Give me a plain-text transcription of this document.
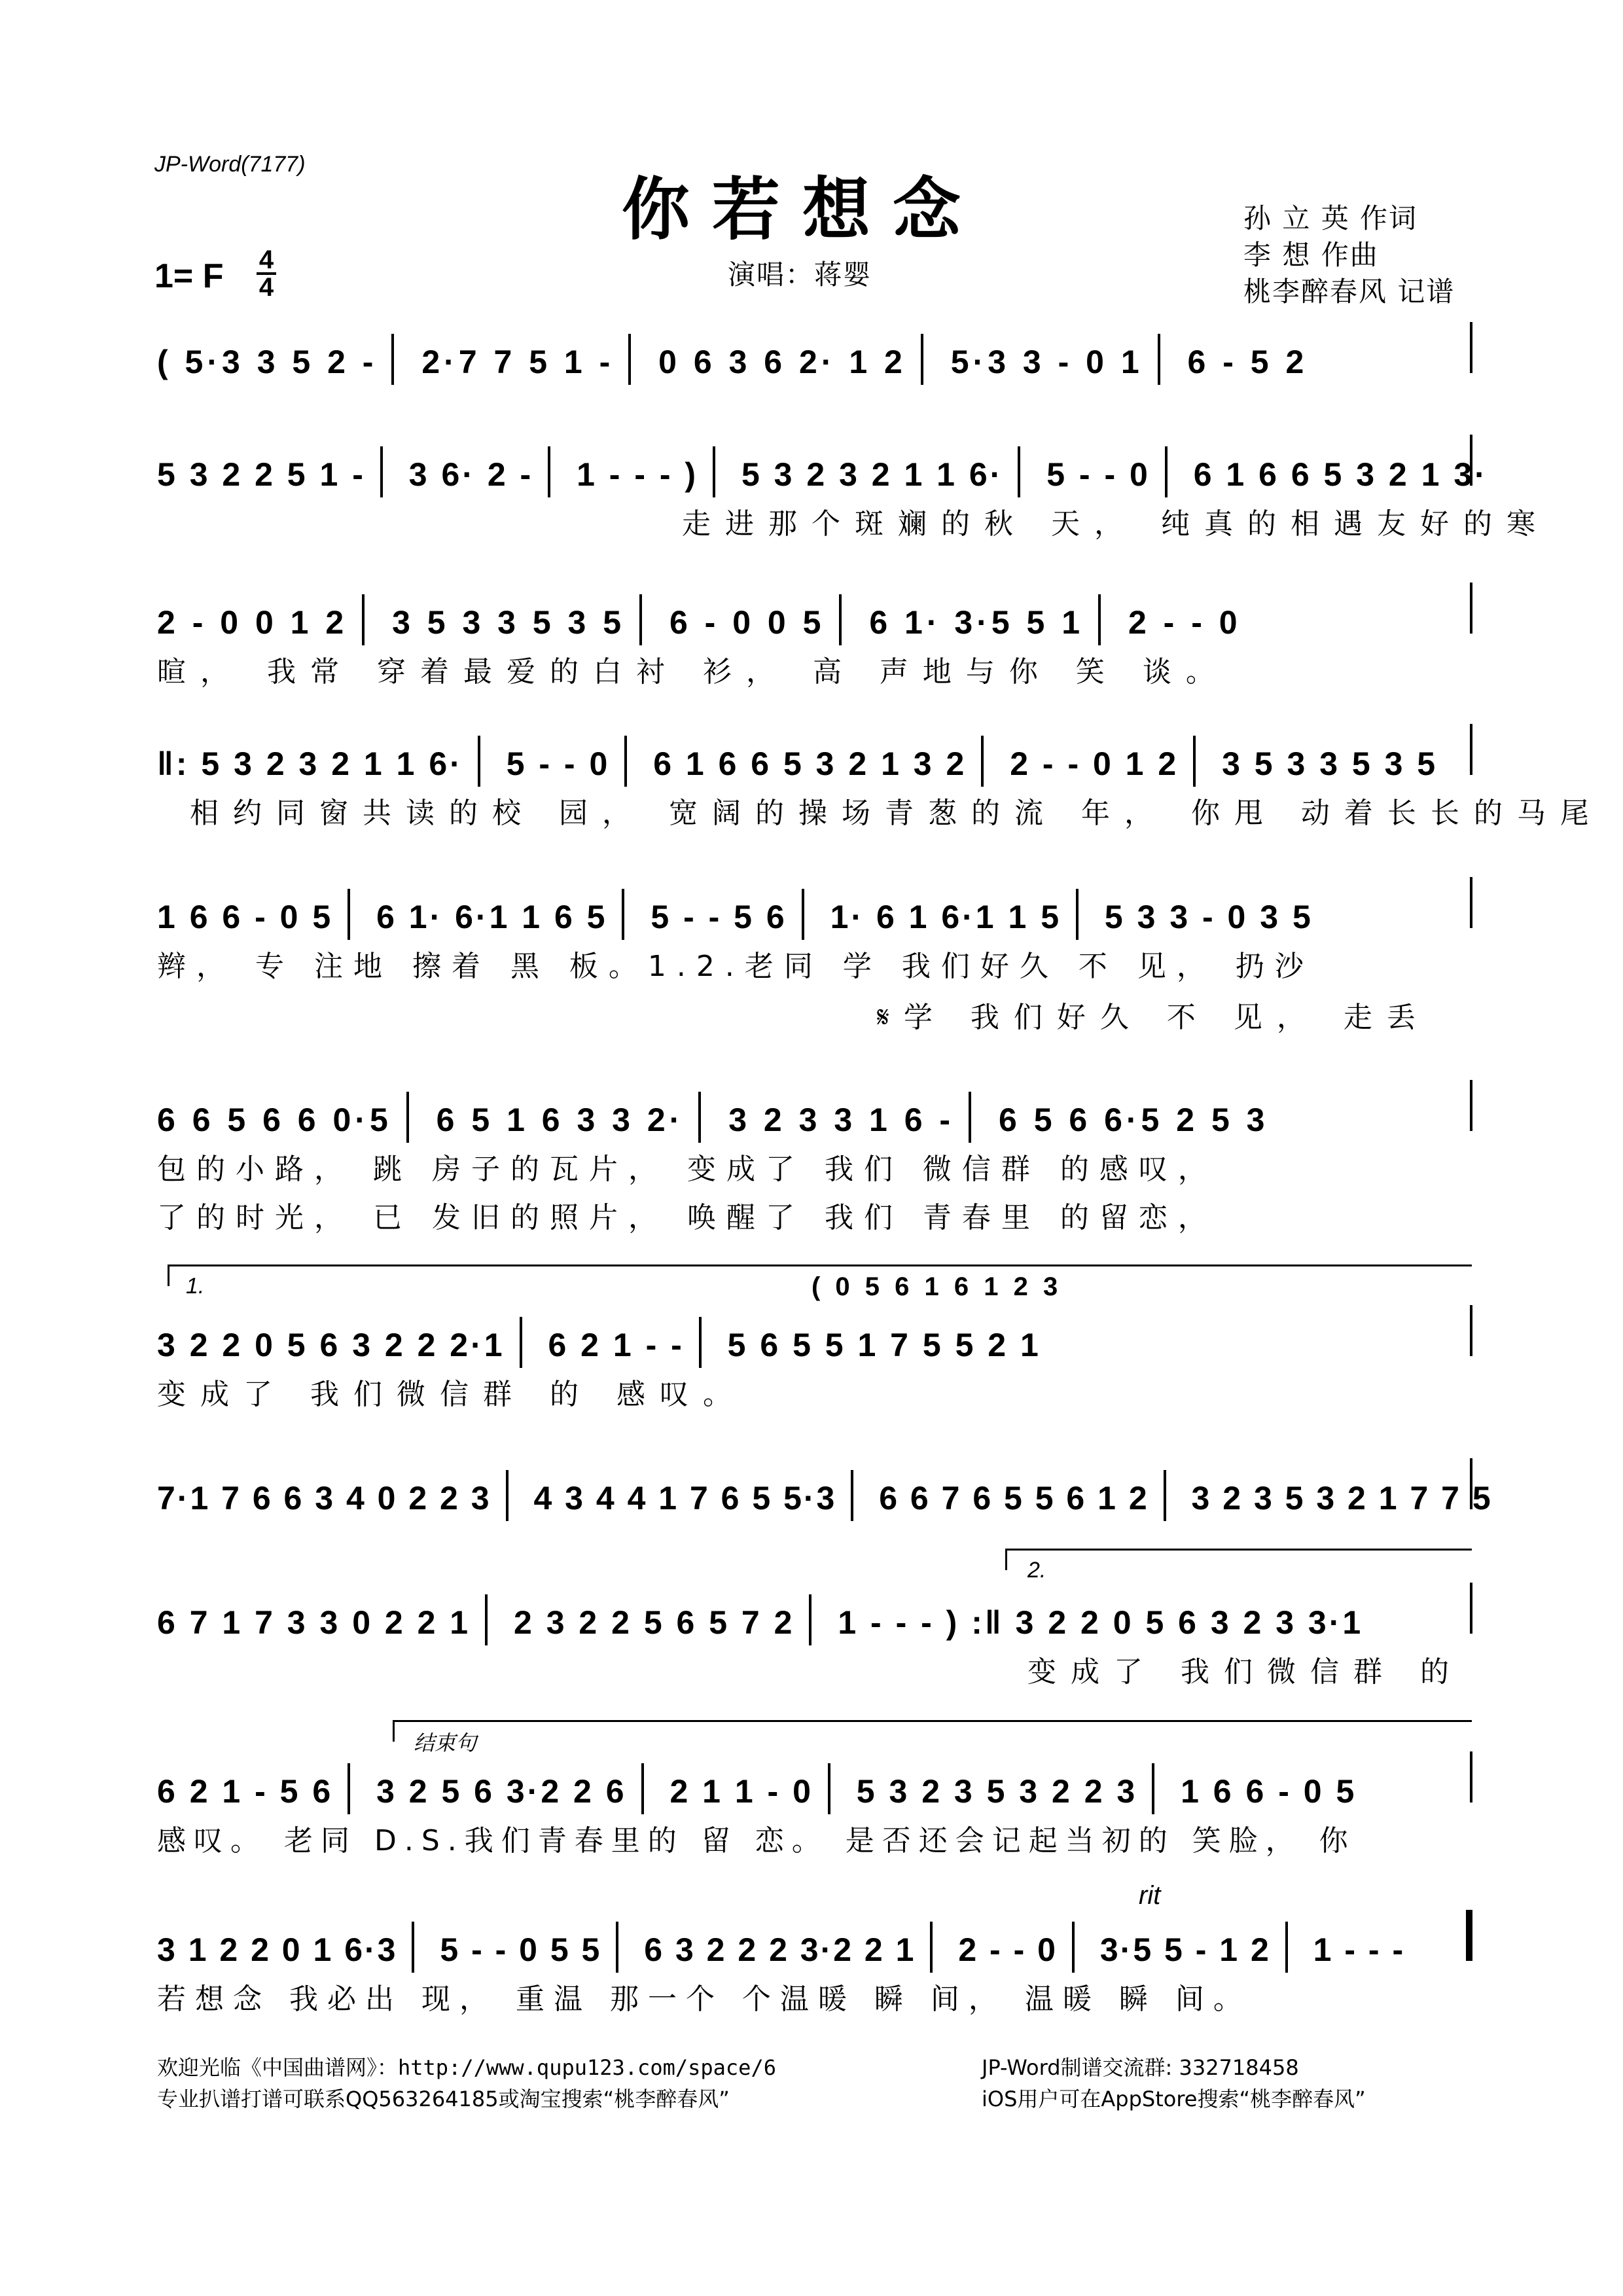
JP-Word(7177)
你若想念
1= F 4
4	演唱：蒋婴
孙 立 英 作词
李 想 作曲
桃李醉春风 记谱
( 5·3 3 5 2 - 2·7 7 5 1 - 0 6 3 6 2· 1 2 5·3 3 - 0 1 6 - 5 2
5 3 2 2 5 1 - 3 6· 2 - 1 - - - ) 5 3 2 3 2 1 1 6· 5 - - 0 6 1 6 6 5 3 2 1 3·
走进那个斑斓的秋 天， 纯真的相遇友好的寒
2 - 0 0 1 2 3 5 3 3 5 3 5 6 - 0 0 5 6 1· 3·5 5 1 2 - - 0
暄， 我常 穿着最爱的白衬 衫， 高 声地与你 笑 谈。
‖: 5 3 2 3 2 1 1 6· 5 - - 0 6 1 6 6 5 3 2 1 3 2 2 - - 0 1 2 3 5 3 3 5 3 5
相约同窗共读的校 园， 宽阔的操场青葱的流 年， 你甩 动着长长的马尾
1 6 6 - 0 5 6 1· 6·1 1 6 5 5 - - 5 6 1· 6 1 6·1 1 5 5 3 3 - 0 3 5
辫， 专 注地 擦着 黑 板。1.2.老同 学 我们好久 不 见， 扔沙
𝄋学 我们好久 不 见， 走丢
6 6 5 6 6 0·5 6 5 1 6 3 3 2· 3 2 3 3 1 6 - 6 5 6 6·5 2 5 3
包的小路， 跳 房子的瓦片， 变成了 我们 微信群 的感叹，
了的时光， 已 发旧的照片， 唤醒了 我们 青春里 的留恋，
1.	( 0 5 6 1 6 1 2 3
3 2 2 0 5 6 3 2 2 2·1 6 2 1 - - 5 6 5 5 1 7 5 5 2 1
变成了 我们微信群 的 感叹。
7·1 7 6 6 3 4 0 2 2 3 4 3 4 4 1 7 6 5 5·3 6 6 7 6 5 5 6 1 2 3 2 3 5 3 2 1 7 7 5
2.
6 7 1 7 3 3 0 2 2 1 2 3 2 2 5 6 5 7 2 1 - - - ) :‖ 3 2 2 0 5 6 3 2 3 3·1
变成了 我们微信群 的
结束句
6 2 1 - 5 6 3 2 5 6 3·2 2 6 2 1 1 - 0 5 3 2 3 5 3 2 2 3 1 6 6 - 0 5
感叹。 老同 D.S.我们青春里的 留 恋。 是否还会记起当初的 笑脸， 你
rit
3 1 2 2 0 1 6·3 5 - - 0 5 5 6 3 2 2 2 3·2 2 1 2 - - 0 3·5 5 - 1 2 1 - - -
若想念 我必出 现， 重温 那一个 个温暖 瞬 间， 温暖 瞬 间。
欢迎光临《中国曲谱网》：http://www.qupu123.com/space/6
专业扒谱打谱可联系QQ563264185或淘宝搜索“桃李醉春风”
JP-Word制谱交流群: 332718458
iOS用户可在AppStore搜索“桃李醉春风”
